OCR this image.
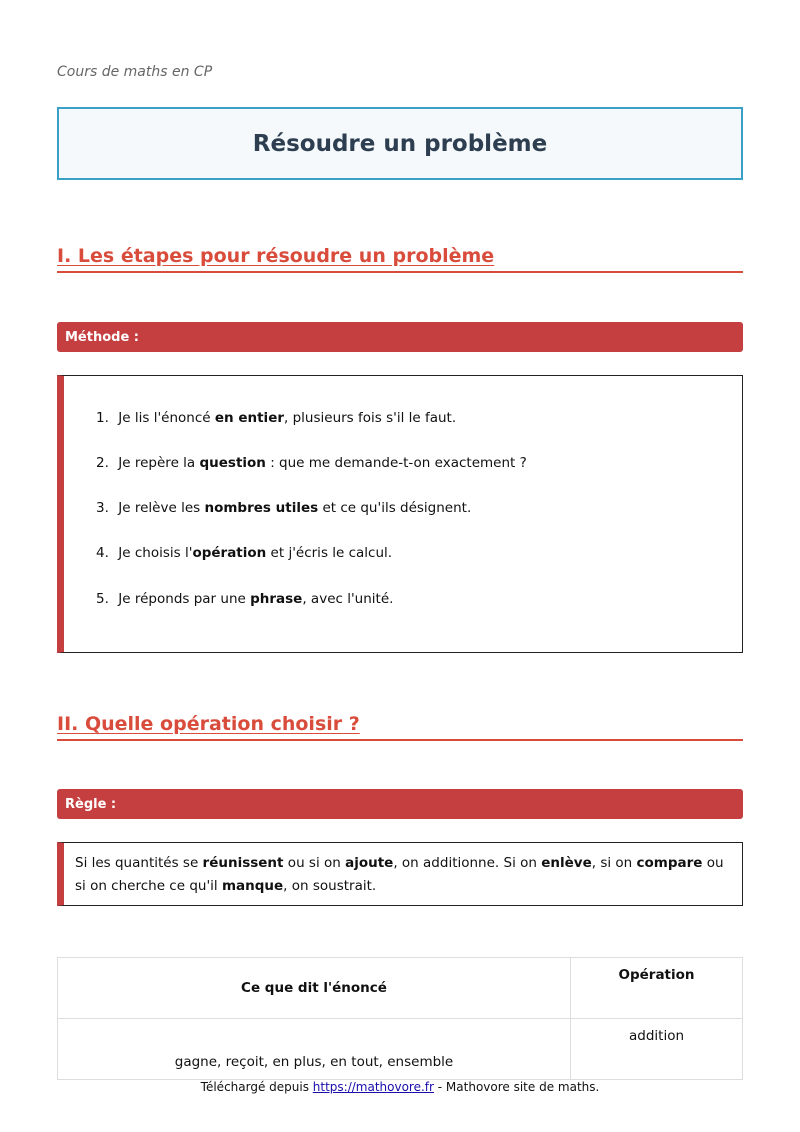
Cours de maths en CP
Résoudre un problème
I. Les étapes pour résoudre un problème
Méthode :
1. Je lis l'énoncé en entier, plusieurs fois s'il le faut.
2. Je repère la question : que me demande-t-on exactement ?
3. Je relève les nombres utiles et ce qu'ils désignent.
4. Je choisis l'opération et j'écris le calcul.
5. Je réponds par une phrase, avec l'unité.
II. Quelle opération choisir ?
Règle :
Si les quantités se réunissent ou si on ajoute, on additionne. Si on enlève, si on compare ou si on cherche ce qu'il manque, on soustrait.
Ce que dit l'énoncé	Opération
gagne, reçoit, en plus, en tout, ensemble	addition
Téléchargé depuis https://mathovore.fr - Mathovore site de maths.
